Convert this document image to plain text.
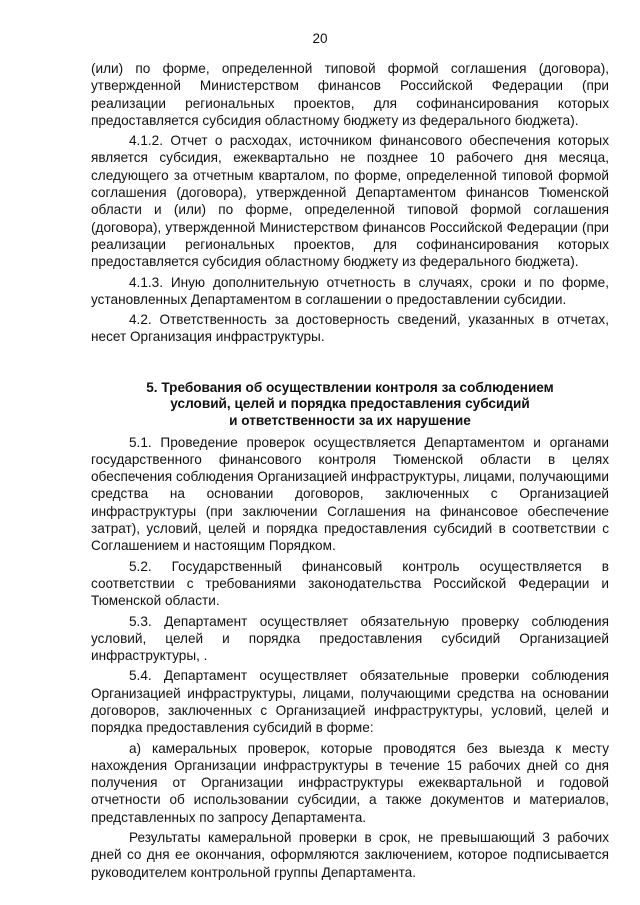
20

(или) по форме, определенной типовой формой соглашения (договора), утвержденной Министерством финансов Российской Федерации (при реализации региональных проектов, для софинансирования которых предоставляется субсидия областному бюджету из федерального бюджета).

4.1.2. Отчет о расходах, источником финансового обеспечения которых является субсидия, ежеквартально не позднее 10 рабочего дня месяца, следующего за отчетным кварталом, по форме, определенной типовой формой соглашения (договора), утвержденной Департаментом финансов Тюменской области и (или) по форме, определенной типовой формой соглашения (договора), утвержденной Министерством финансов Российской Федерации (при реализации региональных проектов, для софинансирования которых предоставляется субсидия областному бюджету из федерального бюджета).

4.1.3. Иную дополнительную отчетность в случаях, сроки и по форме, установленных Департаментом в соглашении о предоставлении субсидии.

4.2. Ответственность за достоверность сведений, указанных в отчетах, несет Организация инфраструктуры.

5. Требования об осуществлении контроля за соблюдением
условий, целей и порядка предоставления субсидий
и ответственности за их нарушение

5.1. Проведение проверок осуществляется Департаментом и органами государственного финансового контроля Тюменской области в целях обеспечения соблюдения Организацией инфраструктуры, лицами, получающими средства на основании договоров, заключенных с Организацией инфраструктуры (при заключении Соглашения на финансовое обеспечение затрат), условий, целей и порядка предоставления субсидий в соответствии с Соглашением и настоящим Порядком.

5.2. Государственный финансовый контроль осуществляется в соответствии с требованиями законодательства Российской Федерации и Тюменской области.

5.3. Департамент осуществляет обязательную проверку соблюдения условий, целей и порядка предоставления субсидий Организацией инфраструктуры, .

5.4. Департамент осуществляет обязательные проверки соблюдения Организацией инфраструктуры, лицами, получающими средства на основании договоров, заключенных с Организацией инфраструктуры, условий, целей и порядка предоставления субсидий в форме:

а) камеральных проверок, которые проводятся без выезда к месту нахождения Организации инфраструктуры в течение 15 рабочих дней со дня получения от Организации инфраструктуры ежеквартальной и годовой отчетности об использовании субсидии, а также документов и материалов, представленных по запросу Департамента.

Результаты камеральной проверки в срок, не превышающий 3 рабочих дней со дня ее окончания, оформляются заключением, которое подписывается руководителем контрольной группы Департамента.
